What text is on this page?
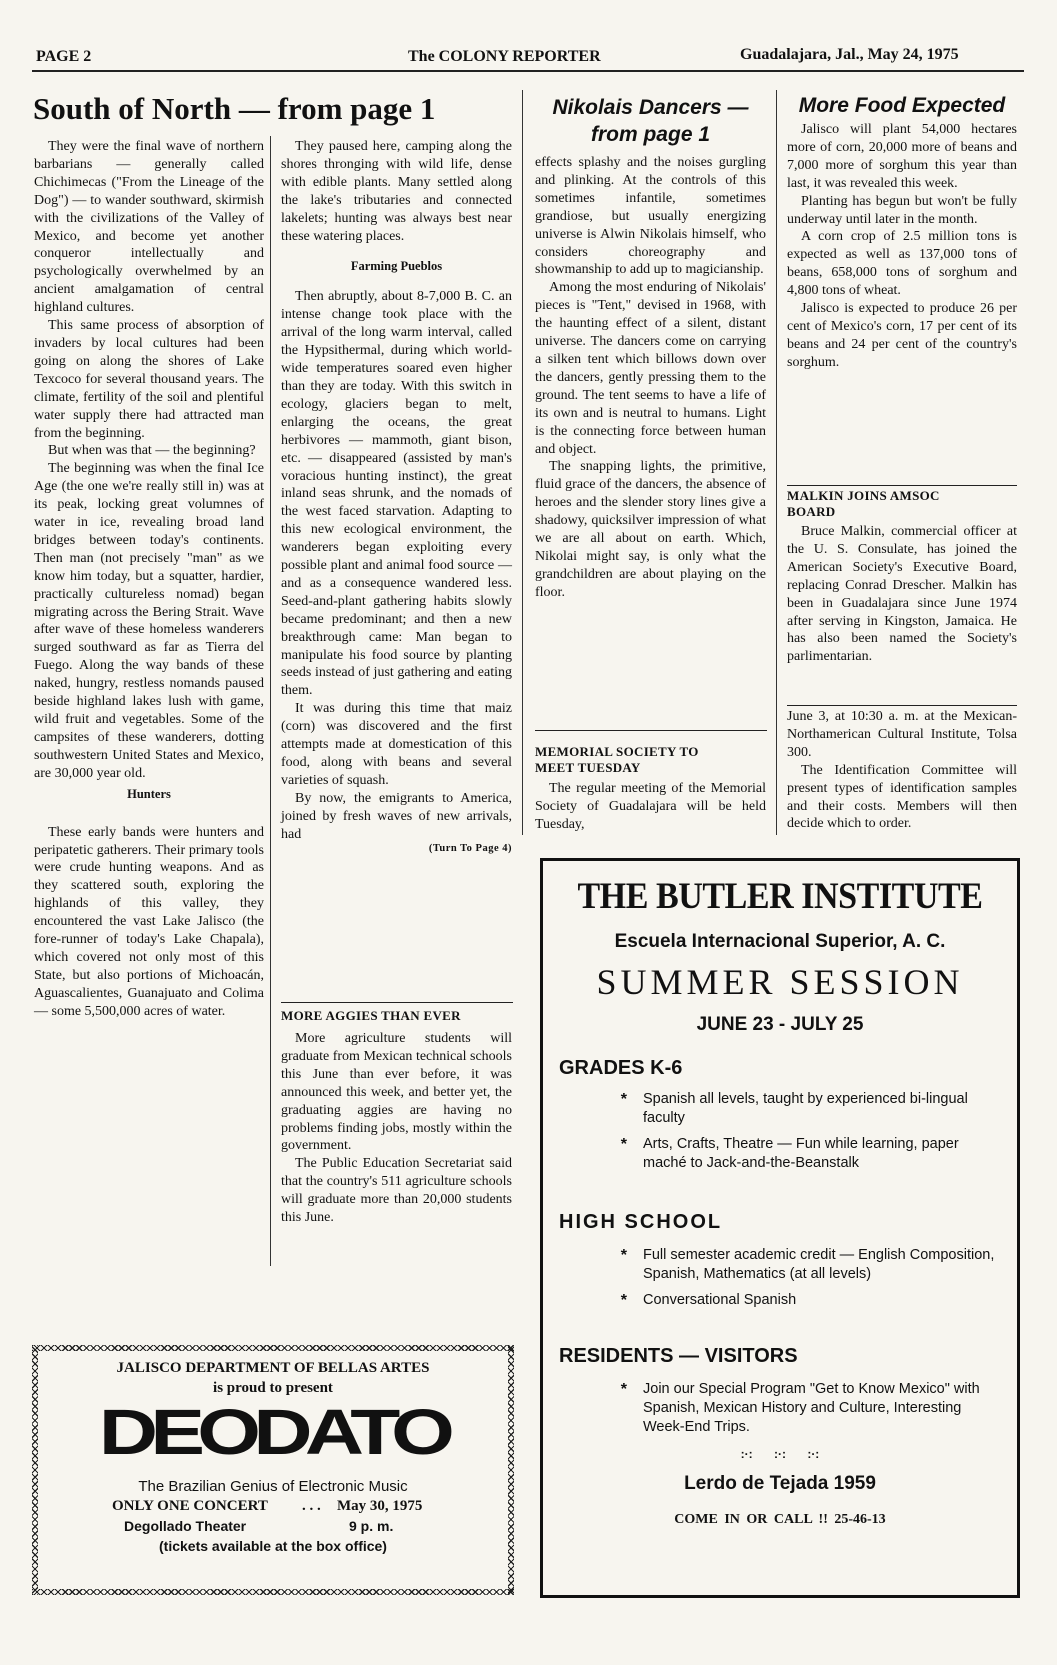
PAGE 2	The COLONY REPORTER	Guadalajara, Jal., May 24, 1975
South of North — from page 1

They were the final wave of northern barbarians — generally called Chichimecas ("From the Lineage of the Dog") — to wander southward, skirmish with the civilizations of the Valley of Mexico, and become yet another conqueror intellectually and psychologically overwhelmed by an ancient amalgamation of central highland cultures.

This same process of absorption of invaders by local cultures had been going on along the shores of Lake Texcoco for several thousand years. The climate, fertility of the soil and plentiful water supply there had attracted man from the beginning.

But when was that — the beginning?

The beginning was when the final Ice Age (the one we're really still in) was at its peak, locking great volumnes of water in ice, revealing broad land bridges between today's continents. Then man (not precisely "man" as we know him today, but a squatter, hardier, practically cultureless nomad) began migrating across the Bering Strait. Wave after wave of these homeless wanderers surged southward as far as Tierra del Fuego. Along the way bands of these naked, hungry, restless nomands paused beside highland lakes lush with game, wild fruit and vegetables. Some of the campsites of these wanderers, dotting southwestern United States and Mexico, are 30,000 year old.

Hunters

These early bands were hunters and peripatetic gatherers. Their primary tools were crude hunting weapons. And as they scattered south, exploring the highlands of this valley, they encountered the vast Lake Jalisco (the fore-runner of today's Lake Chapala), which covered not only most of this State, but also portions of Michoacán, Aguascalientes, Guanajuato and Colima — some 5,500,000 acres of water.

They paused here, camping along the shores thronging with wild life, dense with edible plants. Many settled along the lake's tributaries and connected lakelets; hunting was always best near these watering places.

Farming Pueblos

Then abruptly, about 8-7,000 B. C. an intense change took place with the arrival of the long warm interval, called the Hypsithermal, during which world-wide temperatures soared even higher than they are today. With this switch in ecology, glaciers began to melt, enlarging the oceans, the great herbivores — mammoth, giant bison, etc. — disappeared (assisted by man's voracious hunting instinct), the great inland seas shrunk, and the nomads of the west faced starvation. Adapting to this new ecological environment, the wanderers began exploiting every possible plant and animal food source — and as a consequence wandered less. Seed-and-plant gathering habits slowly became predominant; and then a new breakthrough came: Man began to manipulate his food source by planting seeds instead of just gathering and eating them.

It was during this time that maiz (corn) was discovered and the first attempts made at domestication of this food, along with beans and several varieties of squash.

By now, the emigrants to America, joined by fresh waves of new arrivals, had

(Turn To Page 4)
MORE AGGIES THAN EVER

More agriculture students will graduate from Mexican technical schools this June than ever before, it was announced this week, and better yet, the graduating aggies are having no problems finding jobs, mostly within the government.

The Public Education Secretariat said that the country's 511 agriculture schools will graduate more than 20,000 students this June.

Nikolais Dancers — from page 1

effects splashy and the noises gurgling and plinking. At the controls of this sometimes infantile, sometimes grandiose, but usually energizing universe is Alwin Nikolais himself, who considers choreography and showmanship to add up to magicianship.

Among the most enduring of Nikolais' pieces is "Tent," devised in 1968, with the haunting effect of a silent, distant universe. The dancers come on carrying a silken tent which billows down over the dancers, gently pressing them to the ground. The tent seems to have a life of its own and is neutral to humans. Light is the connecting force between human and object.

The snapping lights, the primitive, fluid grace of the dancers, the absence of heroes and the slender story lines give a shadowy, quicksilver impression of what we are all about on earth. Which, Nikolai might say, is only what the grandchildren are about playing on the floor.

MEMORIAL SOCIETY TO MEET TUESDAY

The regular meeting of the Memorial Society of Guadalajara will be held Tuesday,

More Food Expected

Jalisco will plant 54,000 hectares more of corn, 20,000 more of beans and 7,000 more of sorghum this year than last, it was revealed this week.

Planting has begun but won't be fully underway until later in the month.

A corn crop of 2.5 million tons is expected as well as 137,000 tons of beans, 658,000 tons of sorghum and 4,800 tons of wheat.

Jalisco is expected to produce 26 per cent of Mexico's corn, 17 per cent of its beans and 24 per cent of the country's sorghum.

MALKIN JOINS AMSOC BOARD

Bruce Malkin, commercial officer at the U. S. Consulate, has joined the American Society's Executive Board, replacing Conrad Drescher. Malkin has been in Guadalajara since June 1974 after serving in Kingston, Jamaica. He has also been named the Society's parlimentarian.

June 3, at 10:30 a. m. at the Mexican-Northamerican Cultural Institute, Tolsa 300.

The Identification Committee will present types of identification samples and their costs. Members will then decide which to order.

JALISCO DEPARTMENT OF BELLAS ARTES
is proud to present
DEODATO
The Brazilian Genius of Electronic Music
ONLY ONE CONCERT . . . May 30, 1975
Degollado Theater	9 p. m.
(tickets available at the box office)
THE BUTLER INSTITUTE
Escuela Internacional Superior, A. C.
SUMMER SESSION
JUNE 23 - JULY 25
GRADES K-6
*	Spanish all levels, taught by experienced bi-lingual faculty
*	Arts, Crafts, Theatre — Fun while learning, paper maché to Jack-and-the-Beanstalk
HIGH SCHOOL
*	Full semester academic credit — English Composition, Spanish, Mathematics (at all levels)
*	Conversational Spanish
RESIDENTS — VISITORS
*	Join our Special Program "Get to Know Mexico" with Spanish, Mexican History and Culture, Interesting Week-End Trips.
:·: :·: :·:
Lerdo de Tejada 1959
COME IN OR CALL !! 25-46-13
